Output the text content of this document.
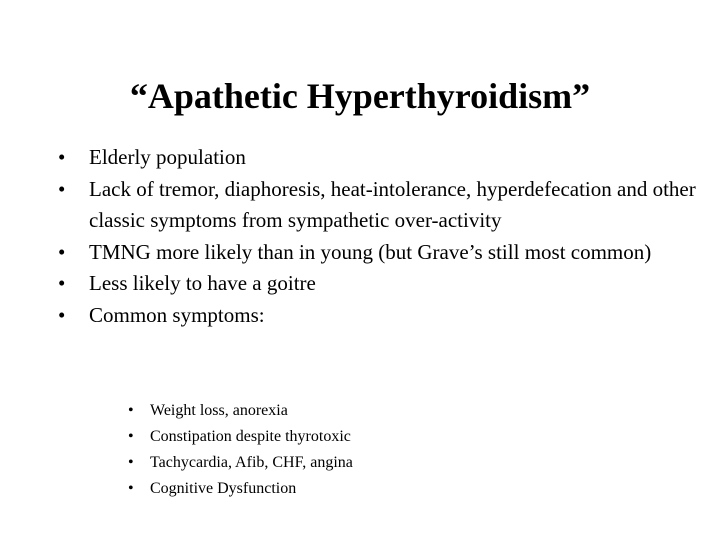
“Apathetic Hyperthyroidism”
• Elderly population
• Lack of tremor, diaphoresis, heat-intolerance, hyperdefecation and other classic symptoms from sympathetic over-activity
• TMNG more likely than in young (but Grave’s still most common)
• Less likely to have a goitre
• Common symptoms:
• Weight loss, anorexia
• Constipation despite thyrotoxic
• Tachycardia, Afib, CHF, angina
• Cognitive Dysfunction
